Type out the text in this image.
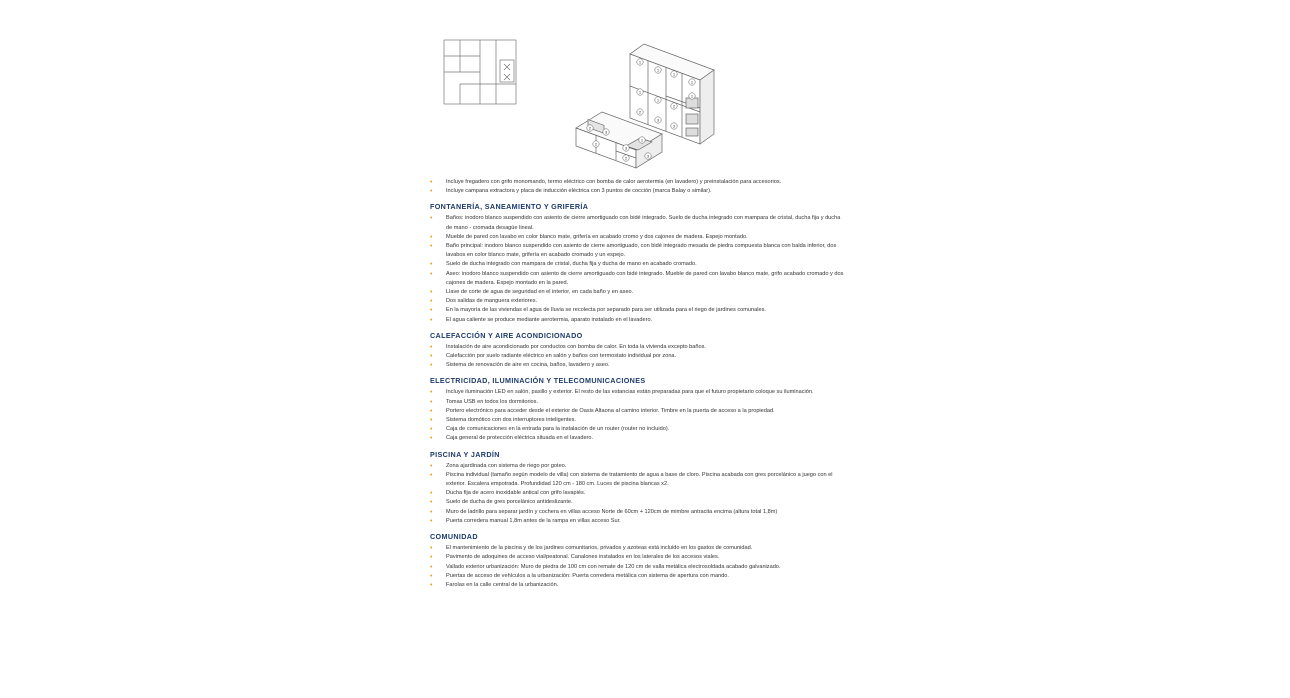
1
1
1
1
1
1
2
2
3
3
1
2
3
2
3
1
2	3
• Incluye fregadero con grifo monomando, termo eléctrico con bomba de calor aerotermia (en lavadero) y preinstalación para accesorios.
• Incluye campana extractora y placa de inducción eléctrica con 3 puntos de cocción (marca Balay o similar).
FONTANERÍA, SANEAMIENTO Y GRIFERÍA
• Baños: inodoro blanco suspendido con asiento de cierre amortiguado con bidé integrado. Suelo de ducha integrado con mampara de cristal, ducha fija y ducha de mano - cromada desagüe lineal.
• Mueble de pared con lavabo en color blanco mate, grifería en acabado cromo y dos cajones de madera. Espejo montado.
• Baño principal: inodoro blanco suspendido con asiento de cierre amortiguado, con bidé integrado mesada de piedra compuesta blanca con balda inferior, dos lavabos en color blanco mate, grifería en acabado cromado y un espejo.
• Suelo de ducha integrado con mampara de cristal, ducha fija y ducha de mano en acabado cromado.
• Aseo: inodoro blanco suspendido con asiento de cierre amortiguado con bidé integrado. Mueble de pared con lavabo blanco mate, grifo acabado cromado y dos cajones de madera. Espejo montado en la pared.
• Llave de corte de agua de seguridad en el interior, en cada baño y en aseo.
• Dos salidas de manguera exteriores.
• En la mayoría de las viviendas el agua de lluvia se recolecta por separado para ser utilizada para el riego de jardines comunales.
• El agua caliente se produce mediante aerotermia, aparato instalado en el lavadero.
CALEFACCIÓN Y AIRE ACONDICIONADO
• Instalación de aire acondicionado por conductos con bomba de calor. En toda la vivienda excepto baños.
• Calefacción por suelo radiante eléctrico en salón y baños con termostato individual por zona.
• Sistema de renovación de aire en cocina, baños, lavadero y aseo.
ELECTRICIDAD, ILUMINACIÓN Y TELECOMUNICACIONES
• Incluye iluminación LED en salón, pasillo y exterior. El resto de las estancias están preparadas para que el futuro propietario coloque su iluminación.
• Tomas USB en todos los dormitorios.
• Portero electrónico para acceder desde el exterior de Oasis Altaona al camino interior. Timbre en la puerta de acceso a la propiedad.
• Sistema domótico con dos interruptores inteligentes.
• Caja de comunicaciones en la entrada para la instalación de un router (router no incluido).
• Caja general de protección eléctrica situada en el lavadero.
PISCINA Y JARDÍN
• Zona ajardinada con sistema de riego por goteo.
• Piscina individual (tamaño según modelo de villa) con sistema de tratamiento de agua a base de cloro. Piscina acabada con gres porcelánico a juego con el exterior. Escalera empotrada. Profundidad 120 cm - 180 cm. Luces de piscina blancas x2.
• Ducha fija de acero inoxidable antical con grifo lavapiés.
• Suelo de ducha de gres porcelánico antideslizante.
• Muro de ladrillo para separar jardín y cochera en villas acceso Norte de 60cm + 120cm de mimbre antracita encima (altura total 1,8m)
• Puerta corredera manual 1,8m antes de la rampa en villas acceso Sur.
COMUNIDAD
• El mantenimiento de la piscina y de los jardines comunitarios, privados y azoteas está incluido en los gastos de comunidad.
• Pavimento de adoquines de acceso vial/peatonal. Canalones instalados en los laterales de los accesos viales.
• Vallado exterior urbanización: Muro de piedra de 100 cm con remate de 120 cm de valla metálica electrosoldada acabado galvanizado.
• Puertas de acceso de vehículos a la urbanización: Puerta corredera metálica con sistema de apertura con mando.
• Farolas en la calle central de la urbanización.
